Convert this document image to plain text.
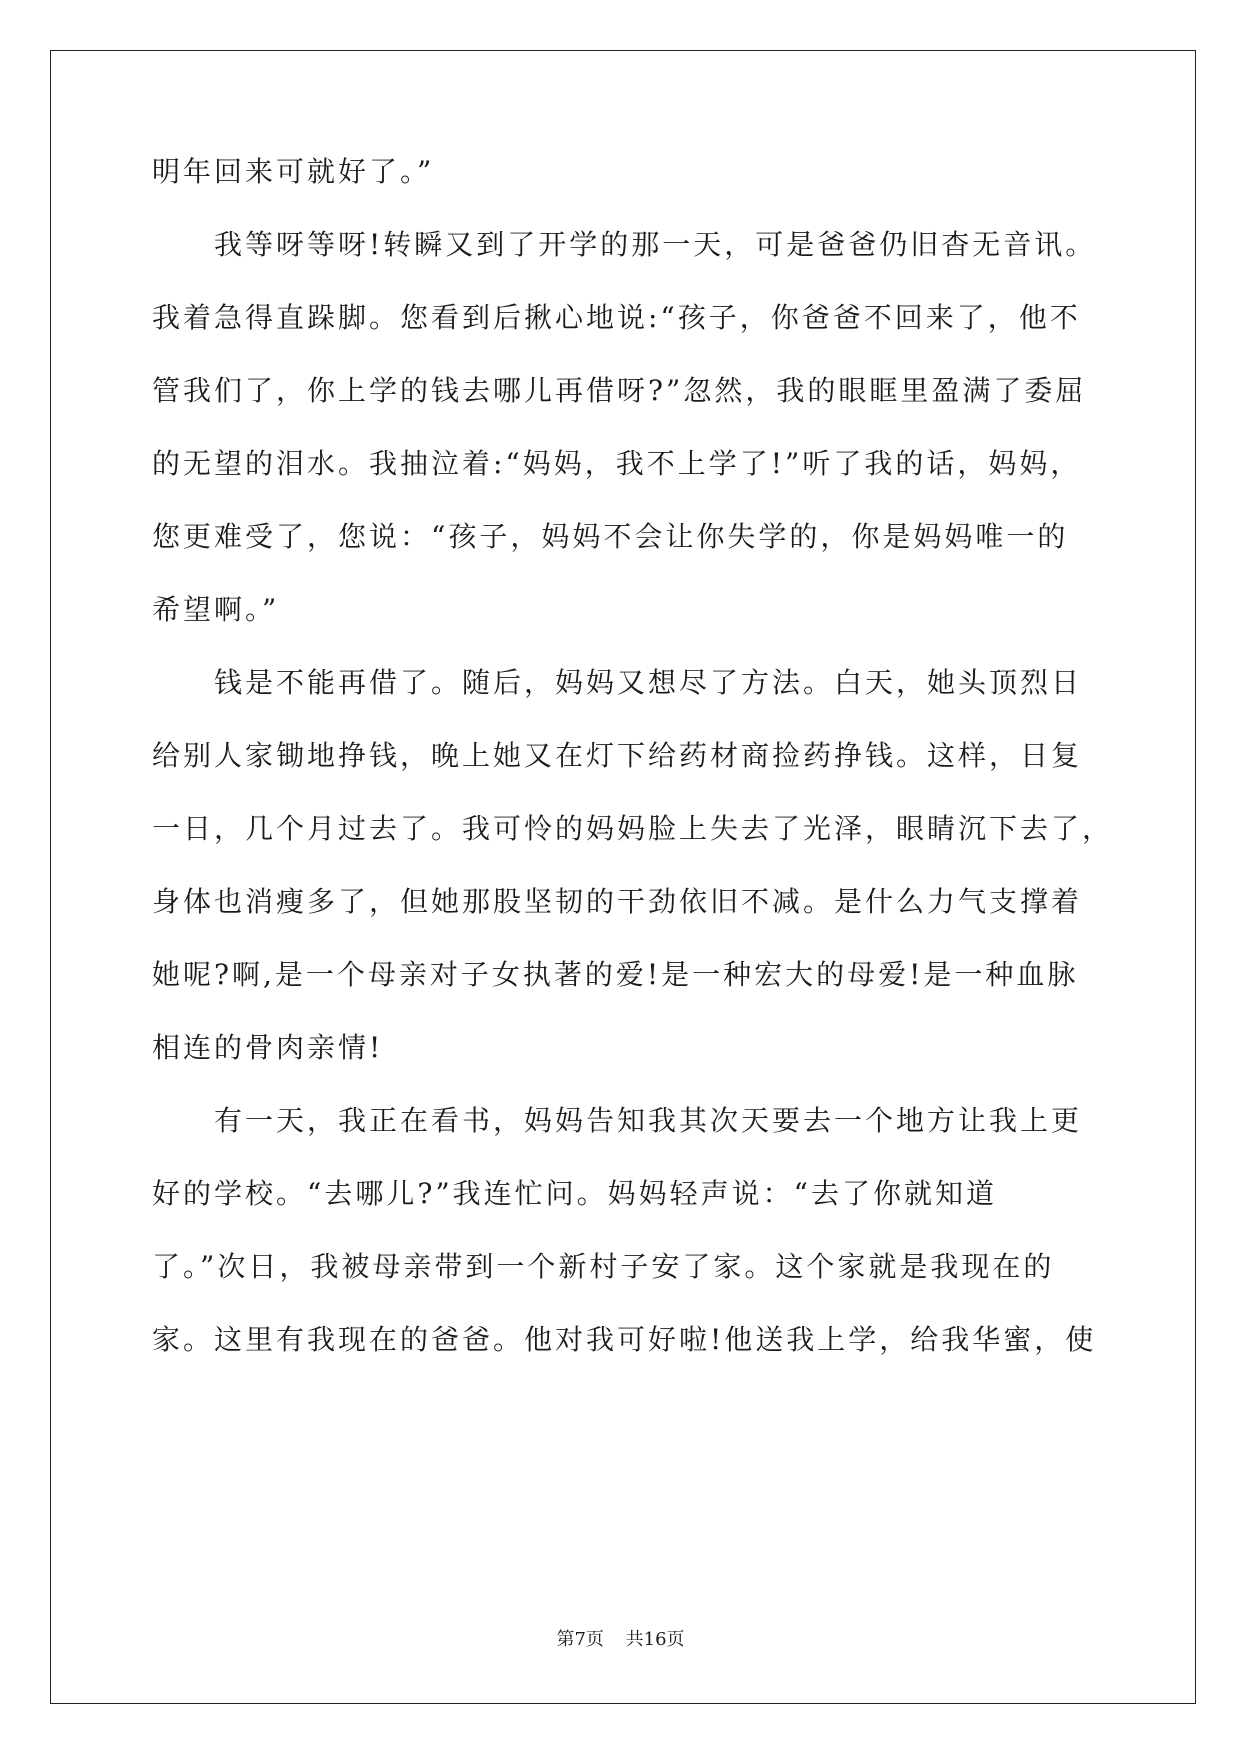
明年回来可就好了。”
我等呀等呀!转瞬又到了开学的那一天，可是爸爸仍旧杳无音讯。
我着急得直跺脚。您看到后揪心地说:“孩子，你爸爸不回来了，他不
管我们了，你上学的钱去哪儿再借呀?”忽然，我的眼眶里盈满了委屈
的无望的泪水。我抽泣着:“妈妈，我不上学了!”听了我的话，妈妈，
您更难受了，您说：“孩子，妈妈不会让你失学的，你是妈妈唯一的
希望啊。”
钱是不能再借了。随后，妈妈又想尽了方法。白天，她头顶烈日
给别人家锄地挣钱，晚上她又在灯下给药材商捡药挣钱。这样，日复
一日，几个月过去了。我可怜的妈妈脸上失去了光泽，眼睛沉下去了，
身体也消瘦多了，但她那股坚韧的干劲依旧不减。是什么力气支撑着
她呢?啊,是一个母亲对子女执著的爱!是一种宏大的母爱!是一种血脉
相连的骨肉亲情!
有一天，我正在看书，妈妈告知我其次天要去一个地方让我上更
好的学校。“去哪儿?”我连忙问。妈妈轻声说：“去了你就知道
了。”次日，我被母亲带到一个新村子安了家。这个家就是我现在的
家。这里有我现在的爸爸。他对我可好啦!他送我上学，给我华蜜，使
第7页 共16页
